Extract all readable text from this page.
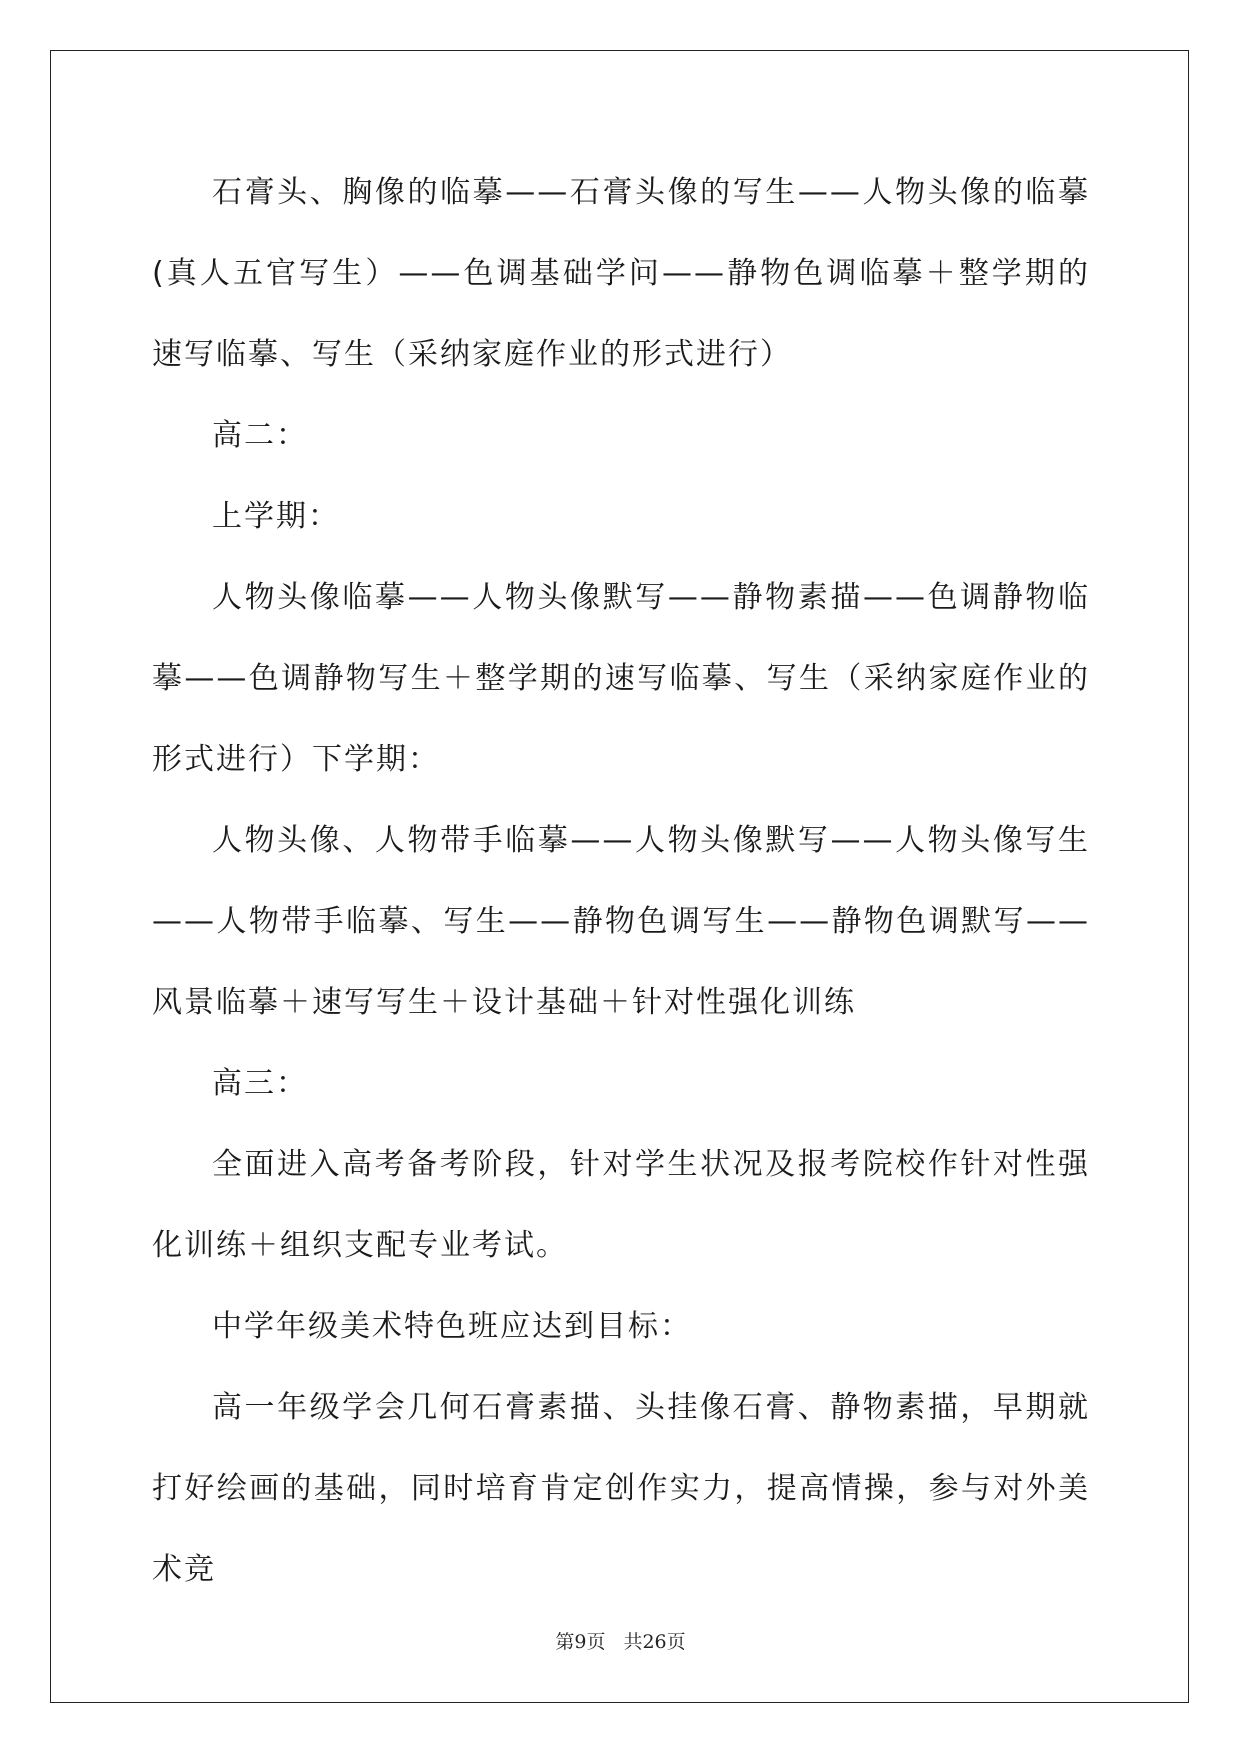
石膏头、胸像的临摹——石膏头像的写生——人物头像的临摹(真人五官写生）——色调基础学问——静物色调临摹＋整学期的速写临摹、写生（采纳家庭作业的形式进行）

高二：

上学期：

人物头像临摹——人物头像默写——静物素描——色调静物临摹——色调静物写生＋整学期的速写临摹、写生（采纳家庭作业的形式进行）下学期：

人物头像、人物带手临摹——人物头像默写——人物头像写生——人物带手临摹、写生——静物色调写生——静物色调默写——风景临摹＋速写写生＋设计基础＋针对性强化训练

高三：

全面进入高考备考阶段，针对学生状况及报考院校作针对性强化训练＋组织支配专业考试。

中学年级美术特色班应达到目标：

高一年级学会几何石膏素描、头挂像石膏、静物素描，早期就打好绘画的基础，同时培育肯定创作实力，提高情操，参与对外美术竞

第9页 共26页
